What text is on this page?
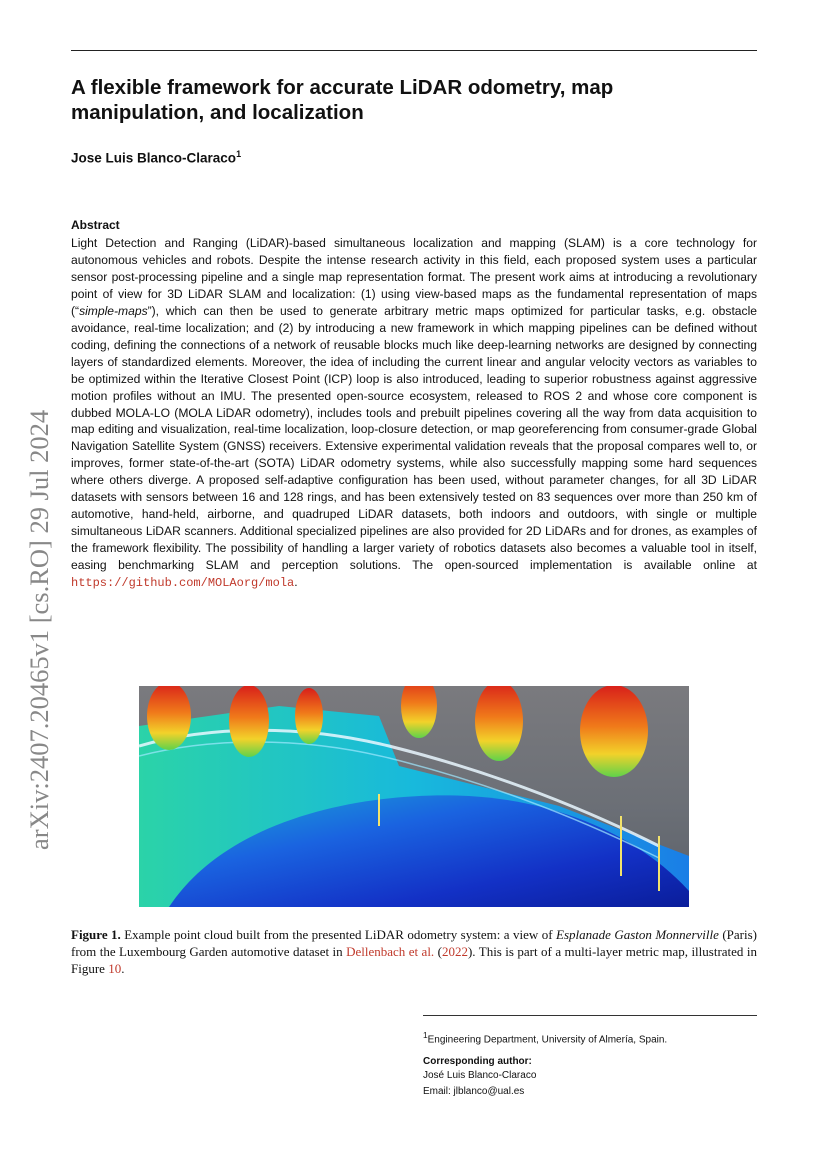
A flexible framework for accurate LiDAR odometry, map manipulation, and localization
Jose Luis Blanco-Claraco$^1$
Abstract

Light Detection and Ranging (LiDAR)-based simultaneous localization and mapping (SLAM) is a core technology for autonomous vehicles and robots. Despite the intense research activity in this field, each proposed system uses a particular sensor post-processing pipeline and a single map representation format. The present work aims at introducing a revolutionary point of view for 3D LiDAR SLAM and localization: (1) using view-based maps as the fundamental representation of maps (“simple-maps”), which can then be used to generate arbitrary metric maps optimized for particular tasks, e.g. obstacle avoidance, real-time localization; and (2) by introducing a new framework in which mapping pipelines can be defined without coding, defining the connections of a network of reusable blocks much like deep-learning networks are designed by connecting layers of standardized elements. Moreover, the idea of including the current linear and angular velocity vectors as variables to be optimized within the Iterative Closest Point (ICP) loop is also introduced, leading to superior robustness against aggressive motion profiles without an IMU. The presented open-source ecosystem, released to ROS 2 and whose core component is dubbed MOLA-LO (MOLA LiDAR odometry), includes tools and prebuilt pipelines covering all the way from data acquisition to map editing and visualization, real-time localization, loop-closure detection, or map georeferencing from consumer-grade Global Navigation Satellite System (GNSS) receivers. Extensive experimental validation reveals that the proposal compares well to, or improves, former state-of-the-art (SOTA) LiDAR odometry systems, while also successfully mapping some hard sequences where others diverge. A proposed self-adaptive configuration has been used, without parameter changes, for all 3D LiDAR datasets with sensors between 16 and 128 rings, and has been extensively tested on 83 sequences over more than 250 km of automotive, hand-held, airborne, and quadruped LiDAR datasets, both indoors and outdoors, with single or multiple simultaneous LiDAR scanners. Additional specialized pipelines are also provided for 2D LiDARs and for drones, as examples of the framework flexibility. The possibility of handling a larger variety of robotics datasets also becomes a valuable tool in itself, easing benchmarking SLAM and perception solutions. The open-sourced implementation is available online at https://github.com/MOLAorg/mola.

arXiv:2407.20465v1 [cs.RO] 29 Jul 2024

Figure 1. Example point cloud built from the presented LiDAR odometry system: a view of Esplanade Gaston Monnerville (Paris) from the Luxembourg Garden automotive dataset in Dellenbach et al. (2022). This is part of a multi-layer metric map, illustrated in Figure 10.

$^1$Engineering Department, University of Almería, Spain.
Corresponding author:
José Luis Blanco-Claraco
Email: jlblanco@ual.es
